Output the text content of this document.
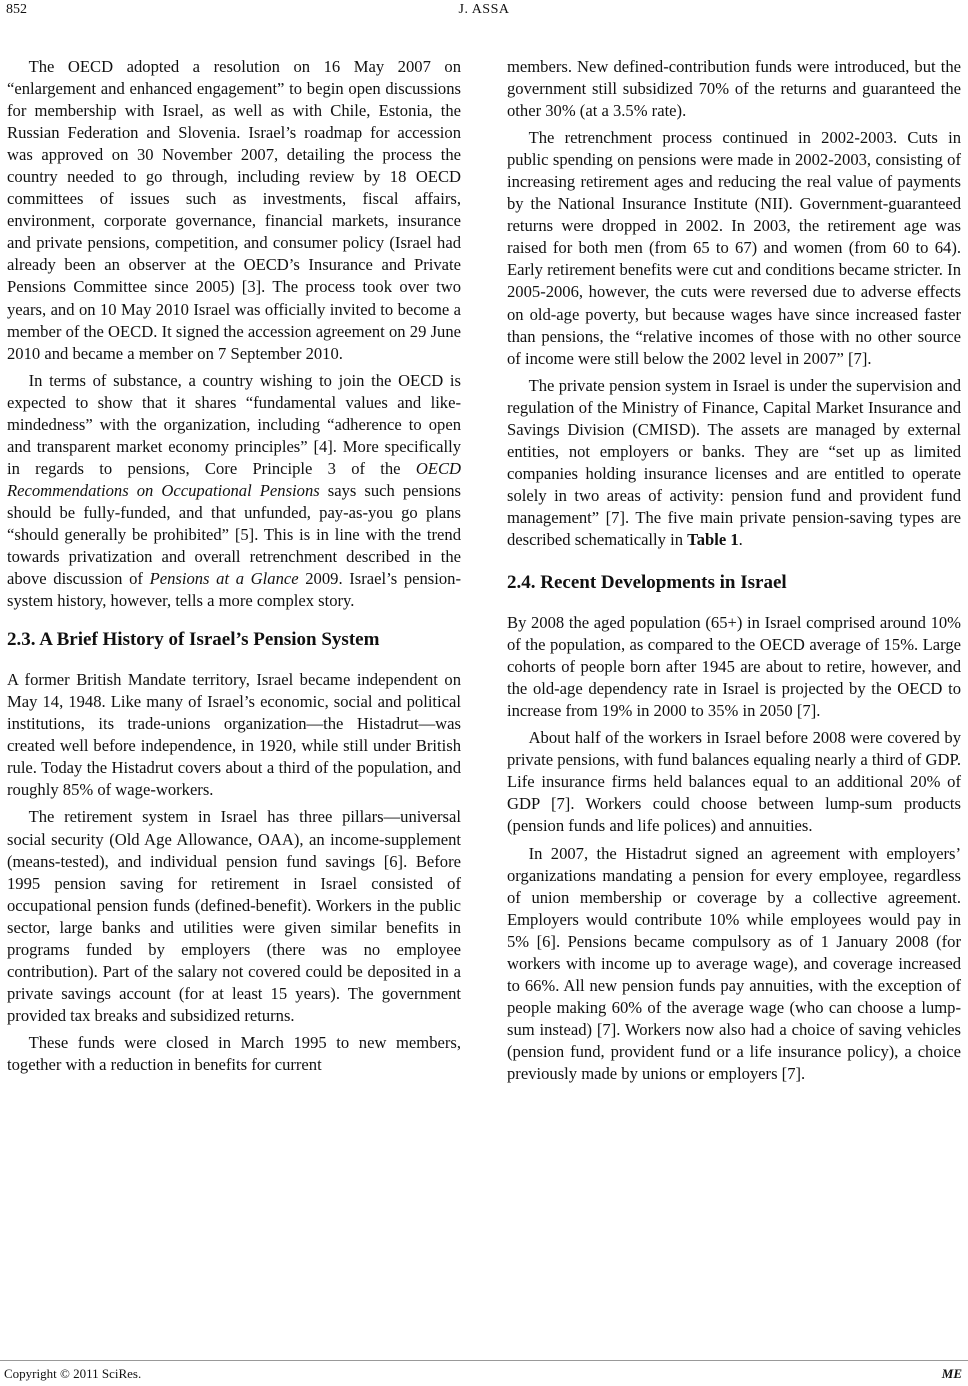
852	J. ASSA

The OECD adopted a resolution on 16 May 2007 on “enlargement and enhanced engagement” to begin open discussions for membership with Israel, as well as with Chile, Estonia, the Russian Federation and Slovenia. Israel’s roadmap for accession was approved on 30 November 2007, detailing the process the country needed to go through, including review by 18 OECD committees of issues such as investments, fiscal affairs, environment, corporate governance, financial markets, insurance and private pensions, competition, and consumer policy (Israel had already been an observer at the OECD’s Insurance and Private Pensions Committee since 2005) [3]. The process took over two years, and on 10 May 2010 Israel was officially invited to become a member of the OECD. It signed the accession agreement on 29 June 2010 and became a member on 7 September 2010.

In terms of substance, a country wishing to join the OECD is expected to show that it shares “fundamental values and like-mindedness” with the organization, including “adherence to open and transparent market economy principles” [4]. More specifically in regards to pensions, Core Principle 3 of the OECD Recommendations on Occupational Pensions says such pensions should be fully-funded, and that unfunded, pay-as-you go plans “should generally be prohibited” [5]. This is in line with the trend towards privatization and overall retrenchment described in the above discussion of Pensions at a Glance 2009. Israel’s pension-system history, however, tells a more complex story.

2.3. A Brief History of Israel’s Pension System

A former British Mandate territory, Israel became independent on May 14, 1948. Like many of Israel’s economic, social and political institutions, its trade-unions organization—the Histadrut—was created well before independence, in 1920, while still under British rule. Today the Histadrut covers about a third of the population, and roughly 85% of wage-workers.

The retirement system in Israel has three pillars—universal social security (Old Age Allowance, OAA), an income-supplement (means-tested), and individual pension fund savings [6]. Before 1995 pension saving for retirement in Israel consisted of occupational pension funds (defined-benefit). Workers in the public sector, large banks and utilities were given similar benefits in programs funded by employers (there was no employee contribution). Part of the salary not covered could be deposited in a private savings account (for at least 15 years). The government provided tax breaks and subsidized returns.

These funds were closed in March 1995 to new members, together with a reduction in benefits for current

members. New defined-contribution funds were introduced, but the government still subsidized 70% of the returns and guaranteed the other 30% (at a 3.5% rate).

The retrenchment process continued in 2002-2003. Cuts in public spending on pensions were made in 2002-2003, consisting of increasing retirement ages and reducing the real value of payments by the National Insurance Institute (NII). Government-guaranteed returns were dropped in 2002. In 2003, the retirement age was raised for both men (from 65 to 67) and women (from 60 to 64). Early retirement benefits were cut and conditions became stricter. In 2005-2006, however, the cuts were reversed due to adverse effects on old-age poverty, but because wages have since increased faster than pensions, the “relative incomes of those with no other source of income were still below the 2002 level in 2007” [7].

The private pension system in Israel is under the supervision and regulation of the Ministry of Finance, Capital Market Insurance and Savings Division (CMISD). The assets are managed by external entities, not employers or banks. They are “set up as limited companies holding insurance licenses and are entitled to operate solely in two areas of activity: pension fund and provident fund management” [7]. The five main private pension-saving types are described schematically in Table 1.

2.4. Recent Developments in Israel

By 2008 the aged population (65+) in Israel comprised around 10% of the population, as compared to the OECD average of 15%. Large cohorts of people born after 1945 are about to retire, however, and the old-age dependency rate in Israel is projected by the OECD to increase from 19% in 2000 to 35% in 2050 [7].

About half of the workers in Israel before 2008 were covered by private pensions, with fund balances equaling nearly a third of GDP. Life insurance firms held balances equal to an additional 20% of GDP [7]. Workers could choose between lump-sum products (pension funds and life polices) and annuities.

In 2007, the Histadrut signed an agreement with employers’ organizations mandating a pension for every employee, regardless of union membership or coverage by a collective agreement. Employers would contribute 10% while employees would pay in 5% [6]. Pensions became compulsory as of 1 January 2008 (for workers with income up to average wage), and coverage increased to 66%. All new pension funds pay annuities, with the exception of people making 60% of the average wage (who can choose a lump-sum instead) [7]. Workers now also had a choice of saving vehicles (pension fund, provident fund or a life insurance policy), a choice previously made by unions or employers [7].

Copyright © 2011 SciRes.	ME
